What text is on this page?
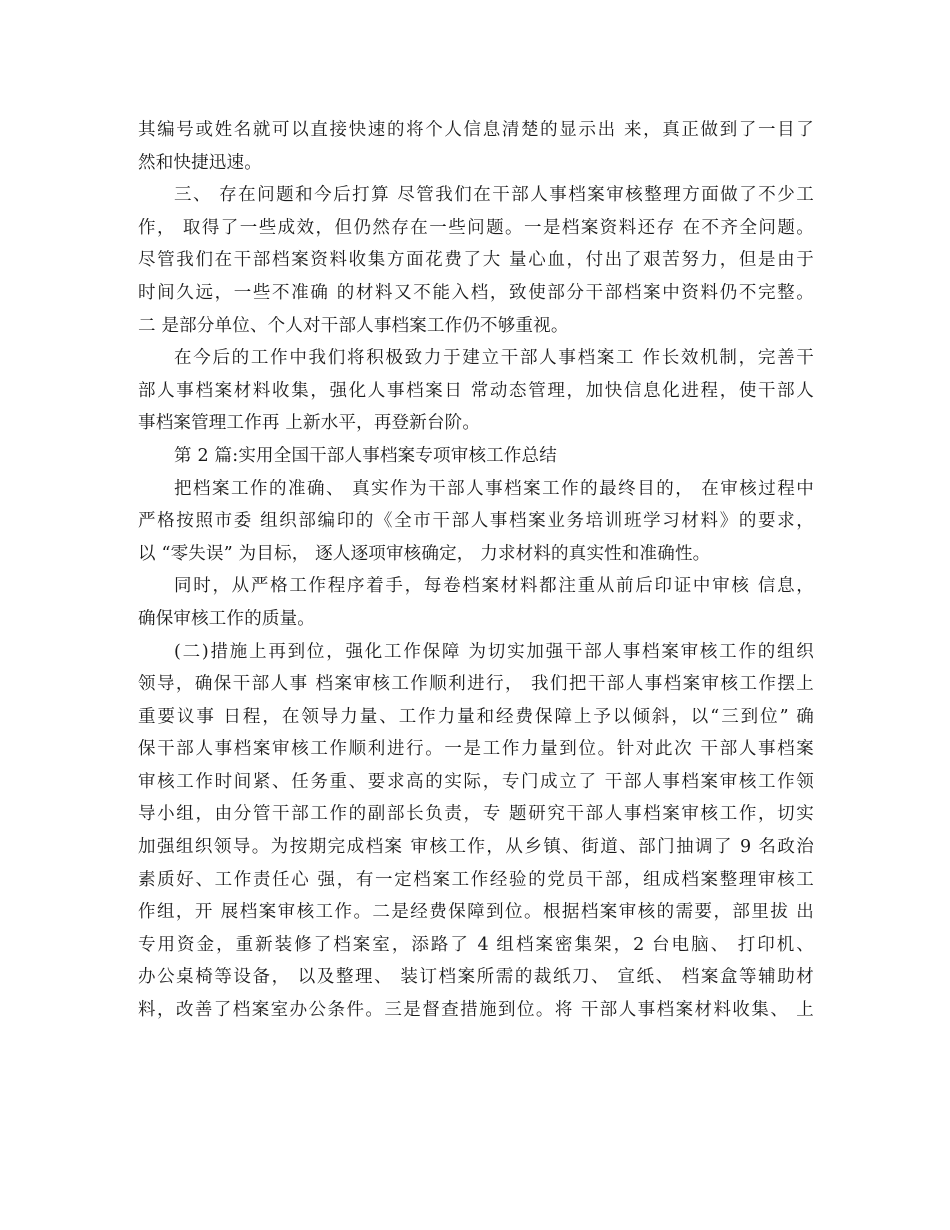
其编号或姓名就可以直接快速的将个人信息清楚的显示出 来，真正做到了一目了
然和快捷迅速。
三、 存在问题和今后打算 尽管我们在干部人事档案审核整理方面做了不少工
作， 取得了一些成效，但仍然存在一些问题。一是档案资料还存 在不齐全问题。
尽管我们在干部档案资料收集方面花费了大 量心血，付出了艰苦努力，但是由于
时间久远，一些不准确 的材料又不能入档，致使部分干部档案中资料仍不完整。
二 是部分单位、个人对干部人事档案工作仍不够重视。
在今后的工作中我们将积极致力于建立干部人事档案工 作长效机制，完善干
部人事档案材料收集，强化人事档案日 常动态管理，加快信息化进程，使干部人
事档案管理工作再 上新水平，再登新台阶。
第 2 篇:实用全国干部人事档案专项审核工作总结
把档案工作的准确、 真实作为干部人事档案工作的最终目的， 在审核过程中
严格按照市委 组织部编印的《全市干部人事档案业务培训班学习材料》的要求，
以 “零失误” 为目标， 逐人逐项审核确定， 力求材料的真实性和准确性。
同时，从严格工作程序着手，每卷档案材料都注重从前后印证中审核 信息，
确保审核工作的质量。
(二)措施上再到位，强化工作保障 为切实加强干部人事档案审核工作的组织
领导，确保干部人事 档案审核工作顺利进行， 我们把干部人事档案审核工作摆上
重要议事 日程，在领导力量、工作力量和经费保障上予以倾斜，以“三到位” 确
保干部人事档案审核工作顺利进行。一是工作力量到位。针对此次 干部人事档案
审核工作时间紧、任务重、要求高的实际，专门成立了 干部人事档案审核工作领
导小组，由分管干部工作的副部长负责，专 题研究干部人事档案审核工作，切实
加强组织领导。为按期完成档案 审核工作，从乡镇、街道、部门抽调了 9 名政治
素质好、工作责任心 强，有一定档案工作经验的党员干部，组成档案整理审核工
作组，开 展档案审核工作。二是经费保障到位。根据档案审核的需要，部里拔 出
专用资金，重新装修了档案室，添路了 4 组档案密集架，2 台电脑、 打印机、
办公桌椅等设备， 以及整理、 装订档案所需的裁纸刀、 宣纸、 档案盒等辅助材
料，改善了档案室办公条件。三是督查措施到位。将 干部人事档案材料收集、 上
